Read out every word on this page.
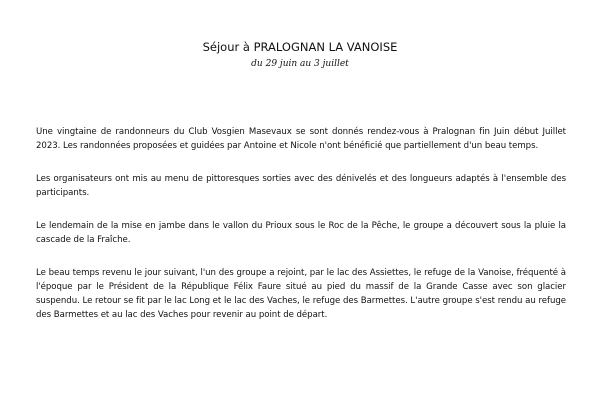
Séjour à PRALOGNAN LA VANOISE
du 29 juin au 3 juillet

Une vingtaine de randonneurs du Club Vosgien Masevaux se sont donnés rendez-vous à Pralognan fin Juin début Juillet 2023. Les randonnées proposées et guidées par Antoine et Nicole n'ont bénéficié que partiellement d'un beau temps.

Les organisateurs ont mis au menu de pittoresques sorties avec des dénivelés et des longueurs adaptés à l'ensemble des participants.

Le lendemain de la mise en jambe dans le vallon du Prioux sous le Roc de la Pêche, le groupe a découvert sous la pluie la cascade de la Fraîche.

Le beau temps revenu le jour suivant, l'un des groupe a rejoint, par le lac des Assiettes, le refuge de la Vanoise, fréquenté à l'époque par le Président de la République Félix Faure situé au pied du massif de la Grande Casse avec son glacier suspendu. Le retour se fit par le lac Long et le lac des Vaches, le refuge des Barmettes. L'autre groupe s'est rendu au refuge des Barmettes et au lac des Vaches pour revenir au point de départ.
